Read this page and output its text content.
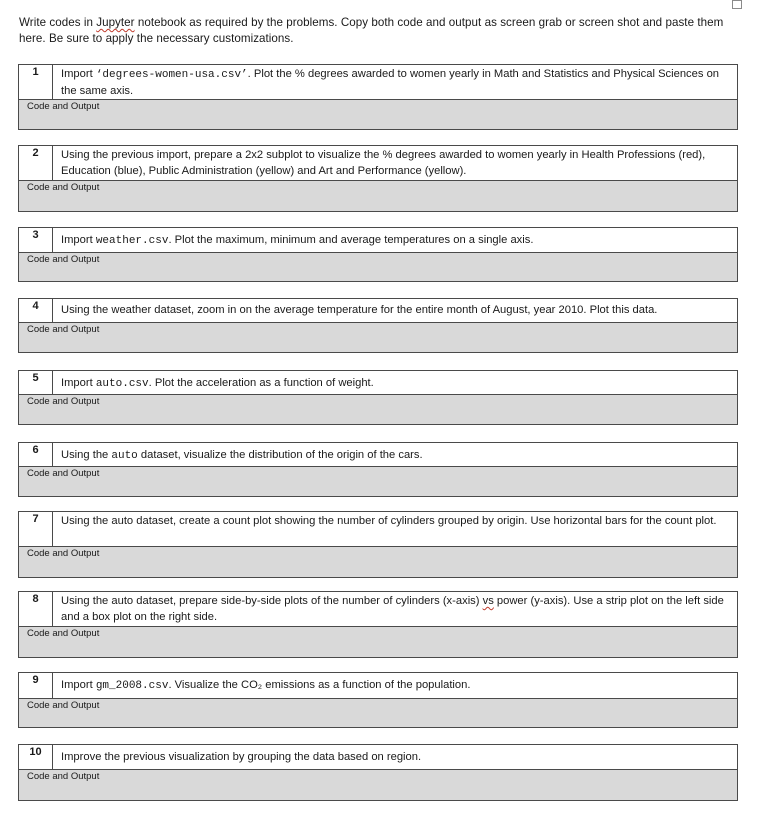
Write codes in Jupyter notebook as required by the problems. Copy both code and output as screen grab or screen shot and paste them here. Be sure to apply the necessary customizations.
1	Import ‘degrees-women-usa.csv’. Plot the % degrees awarded to women yearly in Math and Statistics and Physical Sciences on the same axis.
Code and Output
2	Using the previous import, prepare a 2x2 subplot to visualize the % degrees awarded to women yearly in Health Professions (red), Education (blue), Public Administration (yellow) and Art and Performance (yellow).
Code and Output
3	Import weather.csv. Plot the maximum, minimum and average temperatures on a single axis.
Code and Output
4	Using the weather dataset, zoom in on the average temperature for the entire month of August, year 2010. Plot this data.
Code and Output
5	Import auto.csv. Plot the acceleration as a function of weight.
Code and Output
6	Using the auto dataset, visualize the distribution of the origin of the cars.
Code and Output
7	Using the auto dataset, create a count plot showing the number of cylinders grouped by origin. Use horizontal bars for the count plot.
Code and Output
8	Using the auto dataset, prepare side-by-side plots of the number of cylinders (x-axis) vs power (y-axis). Use a strip plot on the left side and a box plot on the right side.
Code and Output
9	Import gm_2008.csv. Visualize the CO₂ emissions as a function of the population.
Code and Output
10	Improve the previous visualization by grouping the data based on region.
Code and Output
